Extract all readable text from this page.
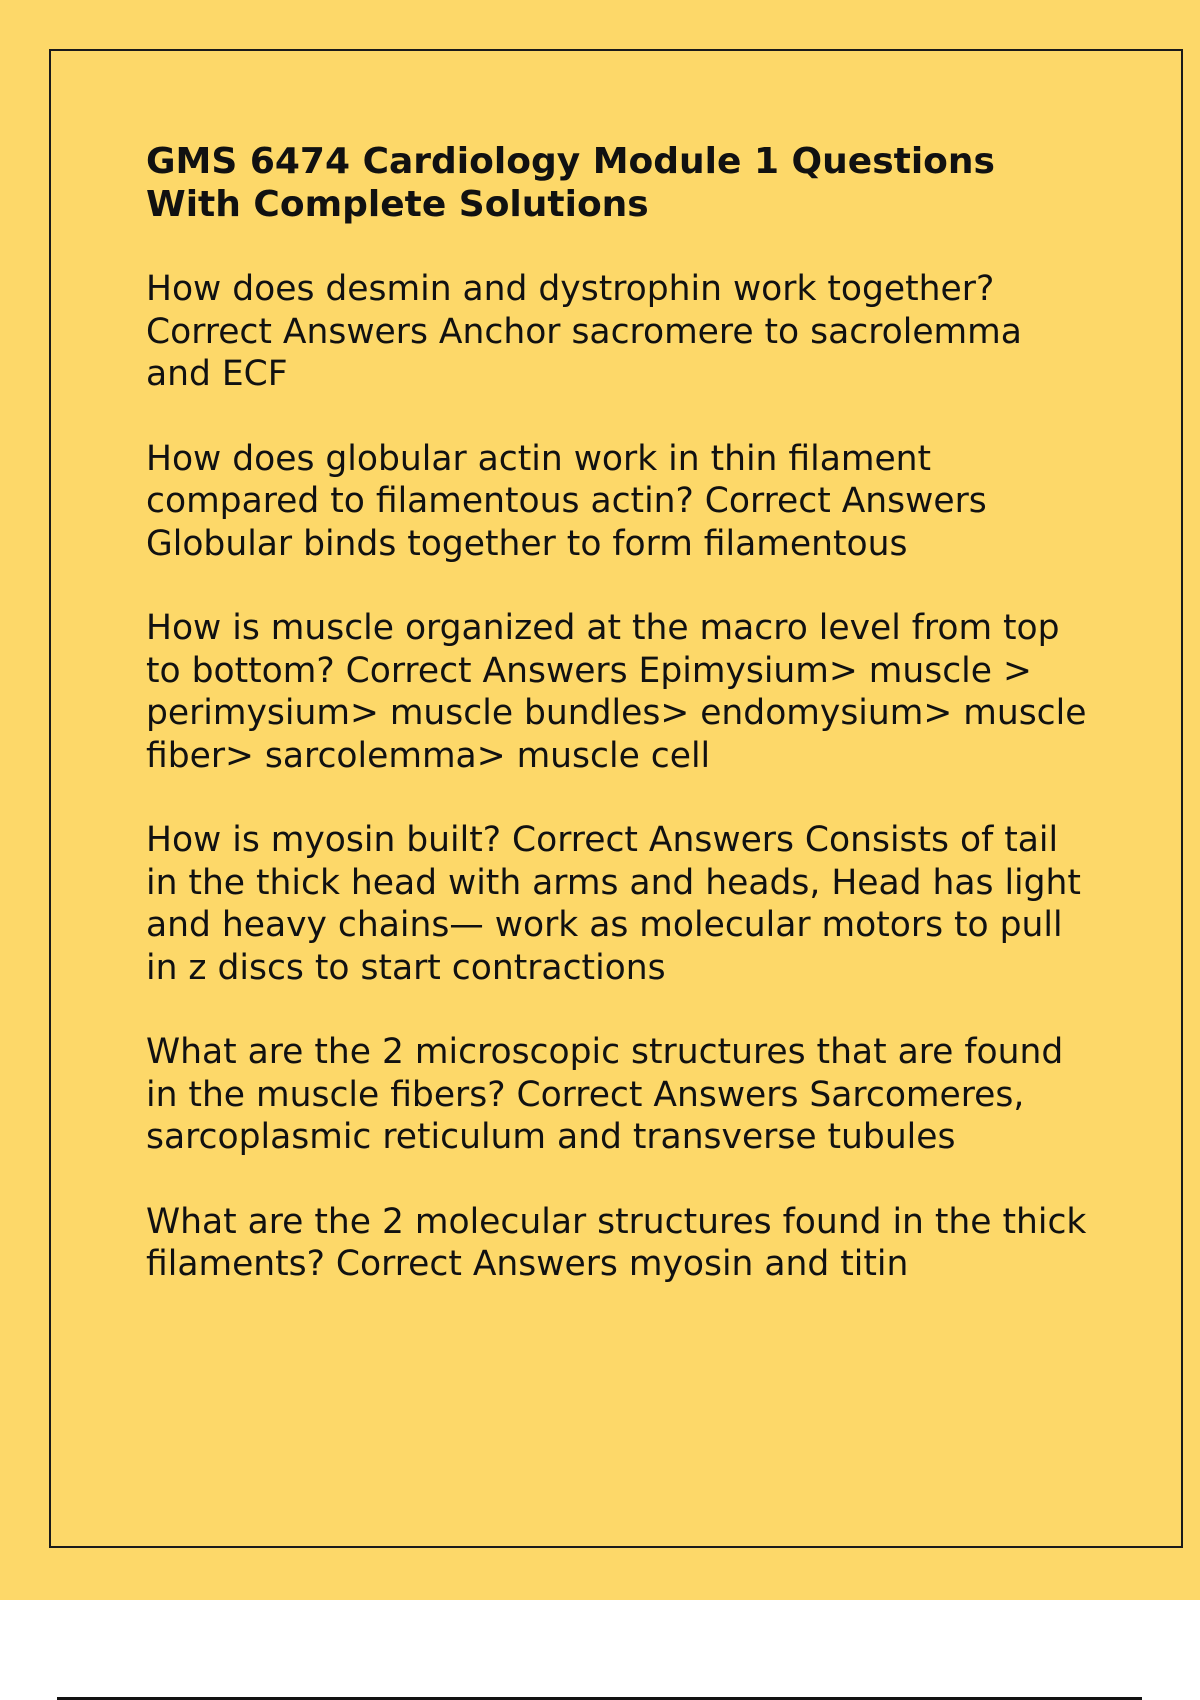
GMS 6474 Cardiology Module 1 Questions With Complete Solutions
How does desmin and dystrophin work together? Correct Answers Anchor sacromere to sacrolemma and ECF
How does globular actin work in thin filament compared to filamentous actin? Correct Answers Globular binds together to form filamentous
How is muscle organized at the macro level from top to bottom? Correct Answers Epimysium> muscle > perimysium> muscle bundles> endomysium> muscle fiber> sarcolemma> muscle cell
How is myosin built? Correct Answers Consists of tail in the thick head with arms and heads, Head has light and heavy chains— work as molecular motors to pull in z discs to start contractions
What are the 2 microscopic structures that are found in the muscle fibers? Correct Answers Sarcomeres, sarcoplasmic reticulum and transverse tubules
What are the 2 molecular structures found in the thick filaments? Correct Answers myosin and titin
